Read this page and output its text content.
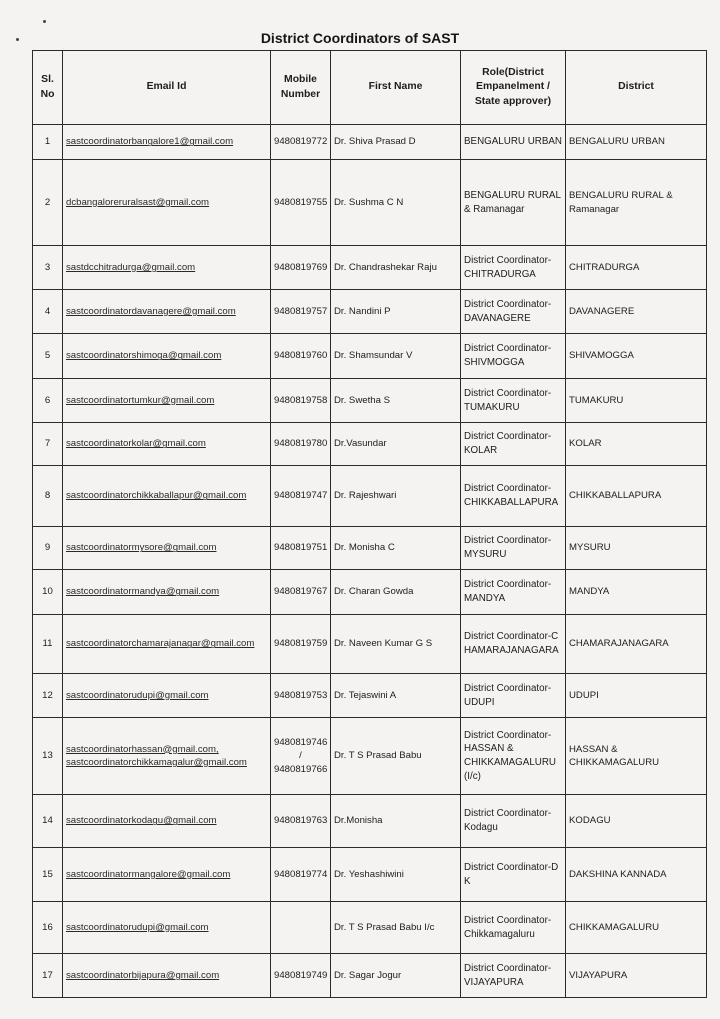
District Coordinators of SAST
Sl. No	Email Id	Mobile Number	First Name	Role(District Empanelment / State approver)	District
1	sastcoordinatorbangalore1@gmail.com	9480819772	Dr. Shiva Prasad D	BENGALURU URBAN	BENGALURU URBAN
2	dcbangaloreruralsast@gmail.com	9480819755	Dr. Sushma C N	BENGALURU RURAL & Ramanagar	BENGALURU RURAL & Ramanagar
3	sastdcchitradurga@gmail.com	9480819769	Dr. Chandrashekar Raju	District Coordinator-CHITRADURGA	CHITRADURGA
4	sastcoordinatordavanagere@gmail.com	9480819757	Dr. Nandini P	District Coordinator-DAVANAGERE	DAVANAGERE
5	sastcoordinatorshimoga@gmail.com	9480819760	Dr. Shamsundar V	District Coordinator-SHIVMOGGA	SHIVAMOGGA
6	sastcoordinatortumkur@gmail.com	9480819758	Dr. Swetha S	District Coordinator-TUMAKURU	TUMAKURU
7	sastcoordinatorkolar@gmail.com	9480819780	Dr.Vasundar	District Coordinator-KOLAR	KOLAR
8	sastcoordinatorchikkaballapur@gmail.com	9480819747	Dr. Rajeshwari	District Coordinator-CHIKKABALLAPURA	CHIKKABALLAPURA
9	sastcoordinatormysore@gmail.com	9480819751	Dr. Monisha C	District Coordinator-MYSURU	MYSURU
10	sastcoordinatormandya@gmail.com	9480819767	Dr. Charan Gowda	District Coordinator-MANDYA	MANDYA
11	sastcoordinatorchamarajanagar@gmail.com	9480819759	Dr. Naveen Kumar G S	District Coordinator-CHAMARAJANAGARA	CHAMARAJANAGARA
12	sastcoordinatorudupi@gmail.com	9480819753	Dr. Tejaswini A	District Coordinator-UDUPI	UDUPI
13	sastcoordinatorhassan@gmail.com, sastcoordinatorchikkamagalur@gmail.com	9480819746 / 9480819766	Dr. T S Prasad Babu	District Coordinator-HASSAN & CHIKKAMAGALURU (I/c)	HASSAN & CHIKKAMAGALURU
14	sastcoordinatorkodagu@gmail.com	9480819763	Dr.Monisha	District Coordinator-Kodagu	KODAGU
15	sastcoordinatormangalore@gmail.com	9480819774	Dr. Yeshashiwini	District Coordinator-D K	DAKSHINA KANNADA
16	sastcoordinatorudupi@gmail.com		Dr. T S Prasad Babu I/c	District Coordinator-Chikkamagaluru	CHIKKAMAGALURU
17	sastcoordinatorbijapura@gmail.com	9480819749	Dr. Sagar Jogur	District Coordinator-VIJAYAPURA	VIJAYAPURA
